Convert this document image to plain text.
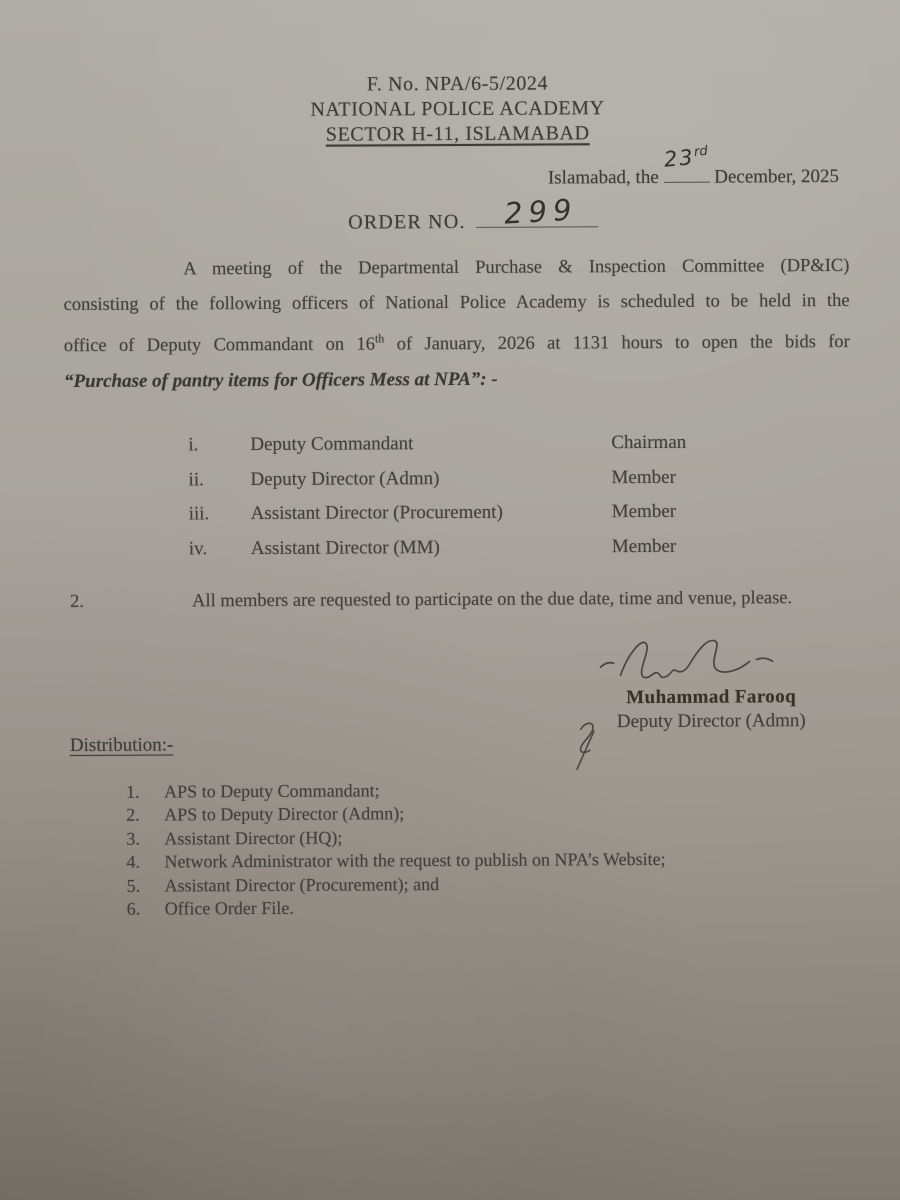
F. No. NPA/6-5/2024
NATIONAL POLICE ACADEMY
SECTOR H-11, ISLAMABAD
Islamabad, the	December, 2025
23rd
ORDER NO. 299
A meeting of the Departmental Purchase & Inspection Committee (DP&IC)
consisting of the following officers of National Police Academy is scheduled to be held in the
office of Deputy Commandant on 16th of January, 2026 at 1131 hours to open the bids for
“Purchase of pantry items for Officers Mess at NPA”: -
i.	Deputy Commandant	Chairman
ii. Deputy Director (Admn)	Member
iii. Assistant Director (Procurement)	Member
iv. Assistant Director (MM)	Member
2.	All members are requested to participate on the due date, time and venue, please.
Muhammad Farooq
Deputy Director (Admn)
Distribution:-
1. APS to Deputy Commandant;
2. APS to Deputy Director (Admn);
3. Assistant Director (HQ);
4. Network Administrator with the request to publish on NPA’s Website;
5. Assistant Director (Procurement); and
6. Office Order File.
